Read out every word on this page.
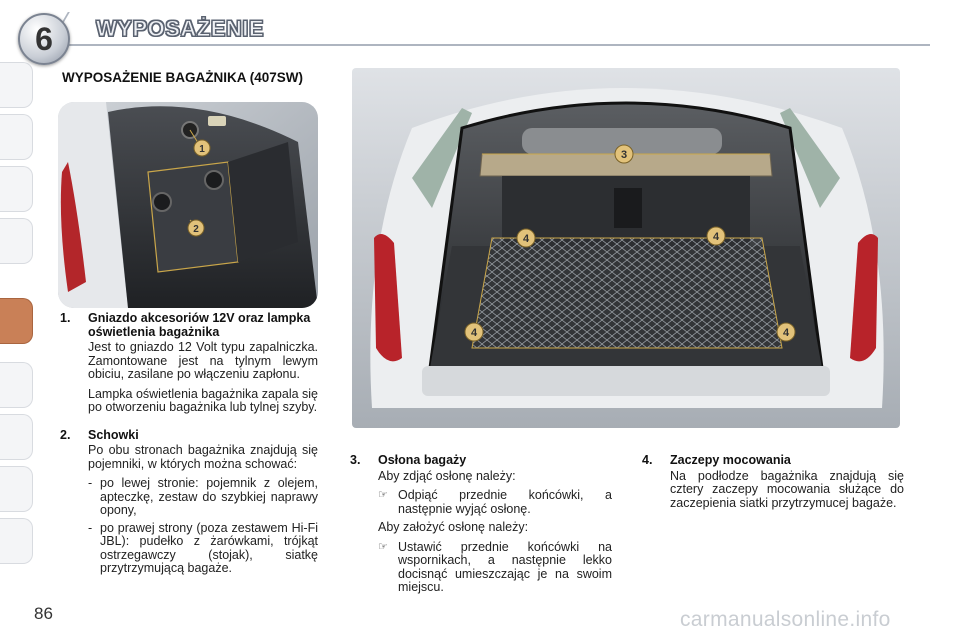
6	WYPOSAŻENIE
WYPOSAŻENIE BAGAŻNIKA (407SW)
1
2
3
4	4
4	4
1.	Gniazdo akcesoriów 12V oraz lampka oświetlenia bagażnika
Jest to gniazdo 12 Volt typu zapalniczka. Zamontowane jest na tylnym lewym obiciu, zasilane po włączeniu zapłonu.
Lampka oświetlenia bagażnika zapala się po otworzeniu bagażnika lub tylnej szyby.
2.	Schowki
Po obu stronach bagażnika znajdują się pojemniki, w których można schować:
- po lewej stronie: pojemnik z olejem, apteczkę, zestaw do szybkiej naprawy opony,
- po prawej strony (poza zestawem Hi-Fi JBL): pudełko z żarówkami, trójkąt ostrzegawczy (stojak), siatkę przytrzymującą bagaże.
3.	Osłona bagaży
Aby zdjąć osłonę należy:
☞ Odpiąć przednie końcówki, a następnie wyjąć osłonę.
Aby założyć osłonę należy:
☞ Ustawić przednie końcówki na wspornikach, a następnie lekko docisnąć umieszczając je na swoim miejscu.
4.	Zaczepy mocowania
Na podłodze bagażnika znajdują się cztery zaczepy mocowania służące do zaczepienia siatki przytrzymucej bagaże.
86	carmanualsonline.info
